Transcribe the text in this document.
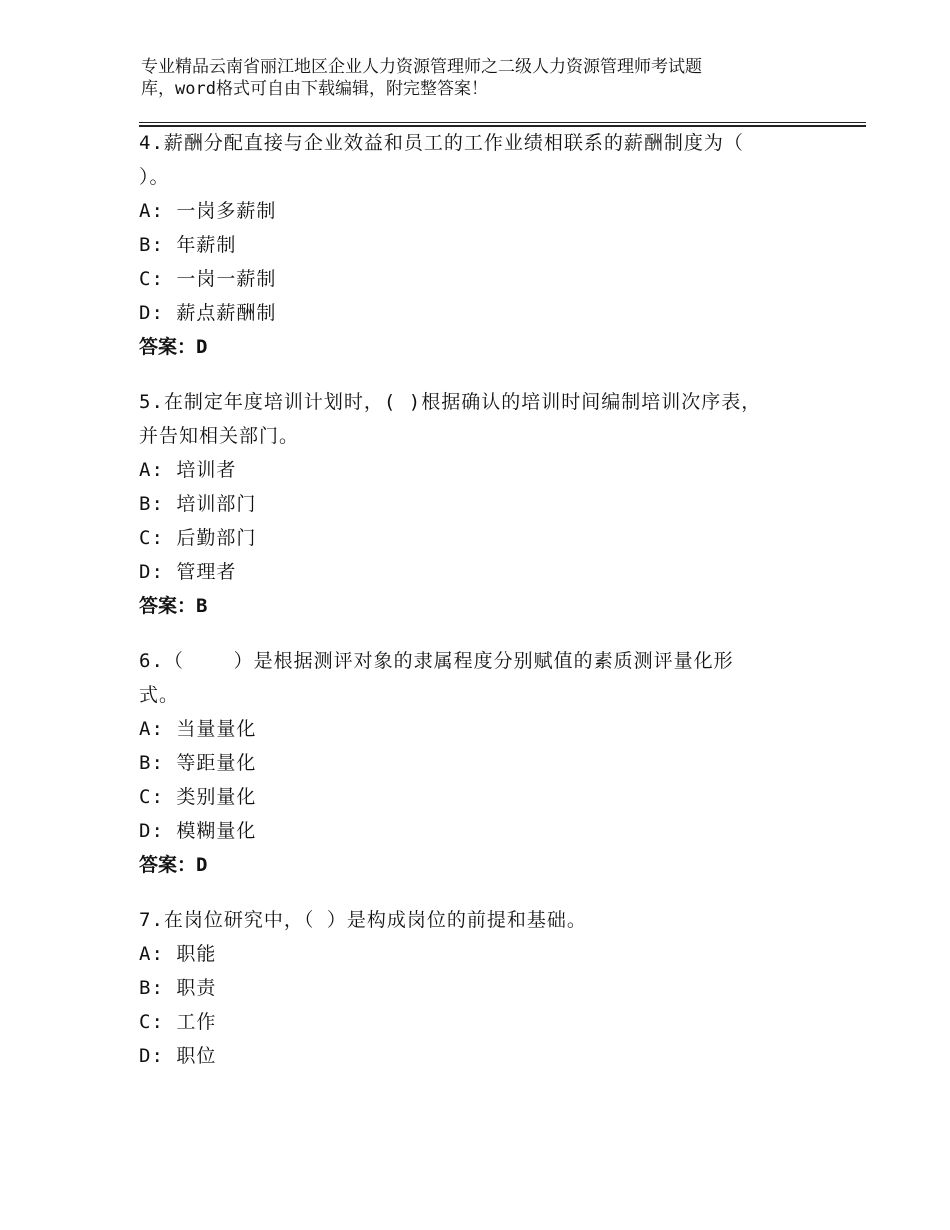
专业精品云南省丽江地区企业人力资源管理师之二级人力资源管理师考试题
库，word格式可自由下载编辑，附完整答案！
4.薪酬分配直接与企业效益和员工的工作业绩相联系的薪酬制度为（
）。
A: 一岗多薪制
B: 年薪制
C: 一岗一薪制
D: 薪点薪酬制
答案：D
5.在制定年度培训计划时，( )根据确认的培训时间编制培训次序表，
并告知相关部门。
A: 培训者
B: 培训部门
C: 后勤部门
D: 管理者
答案：B
6.（    ）是根据测评对象的隶属程度分别赋值的素质测评量化形
式。
A: 当量量化
B: 等距量化
C: 类别量化
D: 模糊量化
答案：D
7.在岗位研究中，（ ）是构成岗位的前提和基础。
A: 职能
B: 职责
C: 工作
D: 职位
